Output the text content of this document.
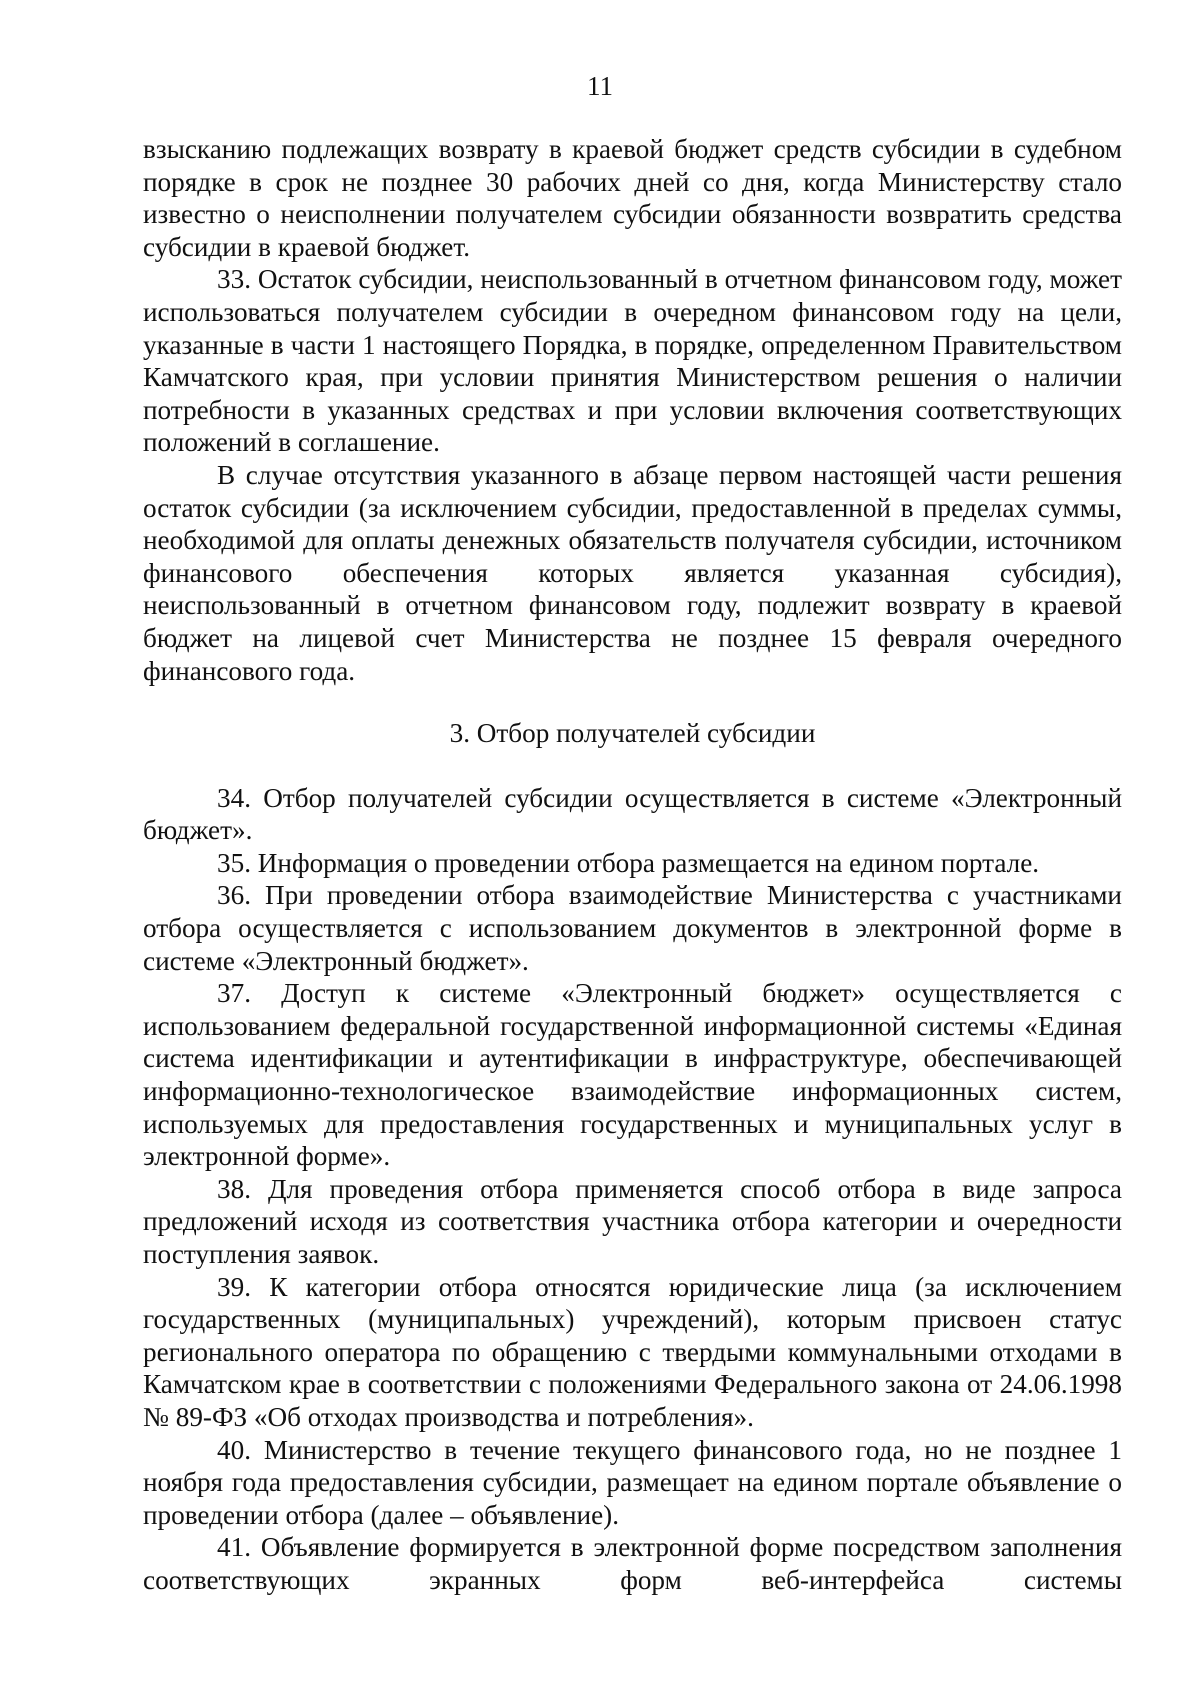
11

взысканию подлежащих возврату в краевой бюджет средств субсидии в судебном порядке в срок не позднее 30 рабочих дней со дня, когда Министерству стало известно о неисполнении получателем субсидии обязанности возвратить средства субсидии в краевой бюджет.

33. Остаток субсидии, неиспользованный в отчетном финансовом году, может использоваться получателем субсидии в очередном финансовом году на цели, указанные в части 1 настоящего Порядка, в порядке, определенном Правительством Камчатского края, при условии принятия Министерством решения о наличии потребности в указанных средствах и при условии включения соответствующих положений в соглашение.

В случае отсутствия указанного в абзаце первом настоящей части решения остаток субсидии (за исключением субсидии, предоставленной в пределах суммы, необходимой для оплаты денежных обязательств получателя субсидии, источником финансового обеспечения которых является указанная субсидия), неиспользованный в отчетном финансовом году, подлежит возврату в краевой бюджет на лицевой счет Министерства не позднее 15 февраля очередного финансового года.

3. Отбор получателей субсидии

34. Отбор получателей субсидии осуществляется в системе «Электронный бюджет».

35. Информация о проведении отбора размещается на едином портале.

36. При проведении отбора взаимодействие Министерства с участниками отбора осуществляется с использованием документов в электронной форме в системе «Электронный бюджет».

37. Доступ к системе «Электронный бюджет» осуществляется с использованием федеральной государственной информационной системы «Единая система идентификации и аутентификации в инфраструктуре, обеспечивающей информационно-технологическое взаимодействие информационных систем, используемых для предоставления государственных и муниципальных услуг в электронной форме».

38. Для проведения отбора применяется способ отбора в виде запроса предложений исходя из соответствия участника отбора категории и очередности поступления заявок.

39. К категории отбора относятся юридические лица (за исключением государственных (муниципальных) учреждений), которым присвоен статус регионального оператора по обращению с твердыми коммунальными отходами в Камчатском крае в соответствии с положениями Федерального закона от 24.06.1998 № 89-ФЗ «Об отходах производства и потребления».

40. Министерство в течение текущего финансового года, но не позднее 1 ноября года предоставления субсидии, размещает на едином портале объявление о проведении отбора (далее – объявление).

41. Объявление формируется в электронной форме посредством заполнения соответствующих экранных форм веб-интерфейса системы
